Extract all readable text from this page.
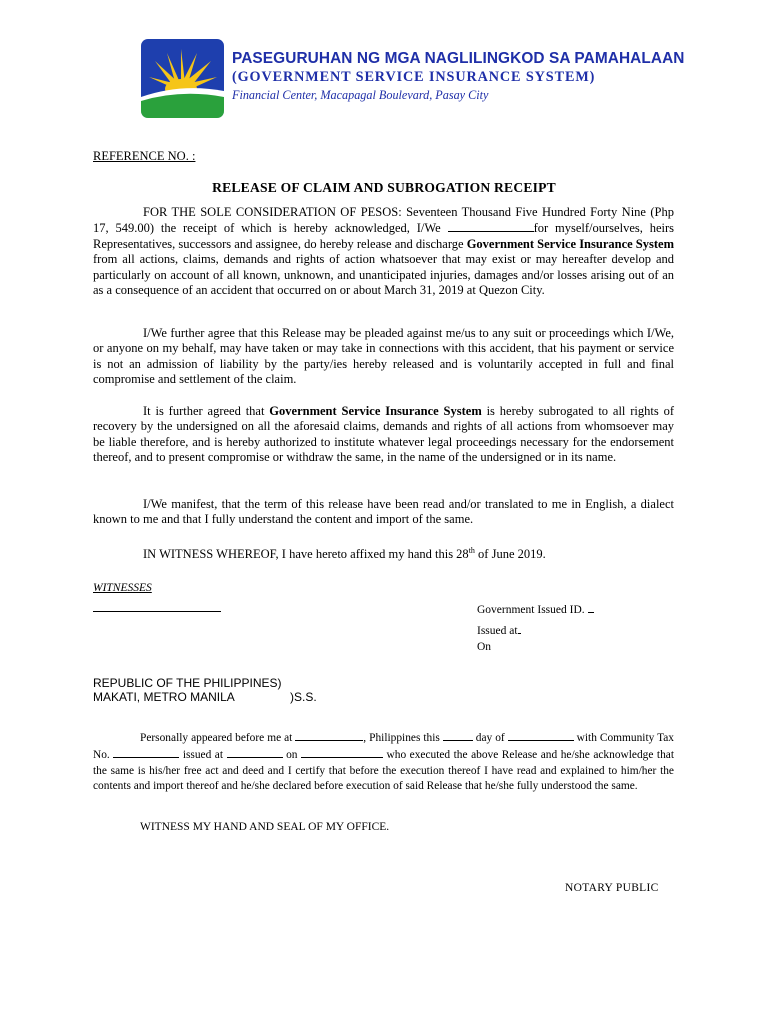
PASEGURUHAN NG MGA NAGLILINGKOD SA PAMAHALAAN
(GOVERNMENT SERVICE INSURANCE SYSTEM)
Financial Center, Macapagal Boulevard, Pasay City
REFERENCE NO. :
RELEASE OF CLAIM AND SUBROGATION RECEIPT

FOR THE SOLE CONSIDERATION OF PESOS: Seventeen Thousand Five Hundred Forty Nine (Php 17, 549.00) the receipt of which is hereby acknowledged, I/We	for myself/ourselves, heirs Representatives, successors and assignee, do hereby release and discharge Government Service Insurance System from all actions, claims, demands and rights of action whatsoever that may exist or may hereafter develop and particularly on account of all known, unknown, and unanticipated injuries, damages and/or losses arising out of an as a consequence of an accident that occurred on or about March 31, 2019 at Quezon City.

I/We further agree that this Release may be pleaded against me/us to any suit or proceedings which I/We, or anyone on my behalf, may have taken or may take in connections with this accident, that his payment or service is not an admission of liability by the party/ies hereby released and is voluntarily accepted in full and final compromise and settlement of the claim.

It is further agreed that Government Service Insurance System is hereby subrogated to all rights of recovery by the undersigned on all the aforesaid claims, demands and rights of all actions from whomsoever may be liable therefore, and is hereby authorized to institute whatever legal proceedings necessary for the endorsement thereof, and to present compromise or withdraw the same, in the name of the undersigned or in its name.

I/We manifest, that the term of this release have been read and/or translated to me in English, a dialect known to me and that I fully understand the content and import of the same.

IN WITNESS WHEREOF, I have hereto affixed my hand this 28th of June 2019.

WITNESSES
Government Issued ID.
Issued at
On
REPUBLIC OF THE PHILIPPINES)
MAKATI, METRO MANILA	)S.S.

Personally appeared before me at	, Philippines this	day of	with Community Tax No.	issued at	on	who executed the above Release and he/she acknowledge that the same is his/her free act and deed and I certify that before the execution thereof I have read and explained to him/her the contents and import thereof and he/she declared before execution of said Release that he/she fully understood the same.

WITNESS MY HAND AND SEAL OF MY OFFICE.
NOTARY PUBLIC
